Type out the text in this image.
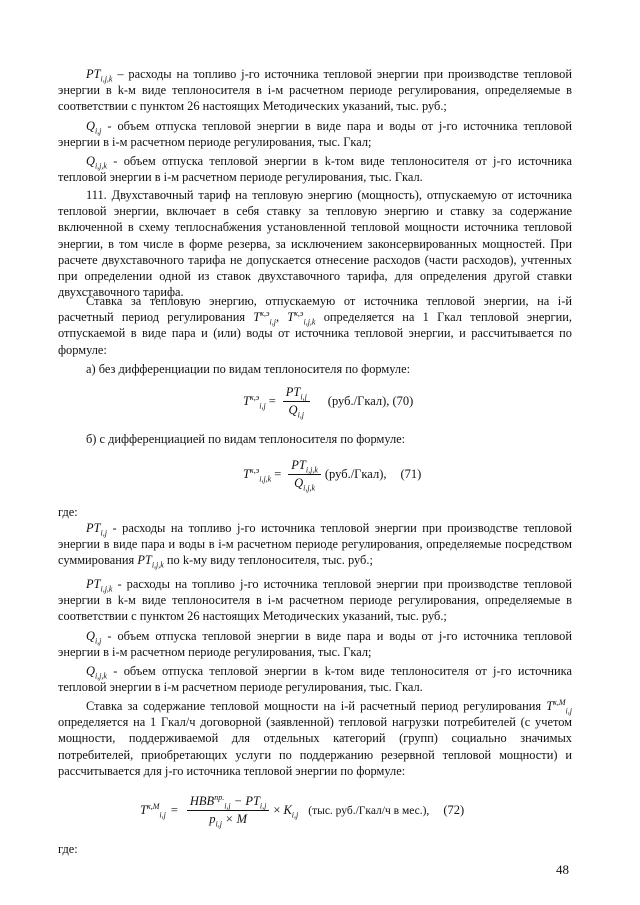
$PT_{i,j,k}$ – расходы на топливо j-го источника тепловой энергии при производстве тепловой энергии в k-м виде теплоносителя в i-м расчетном периоде регулирования, определяемые в соответствии с пунктом 26 настоящих Методических указаний, тыс. руб.;

$Q_{i,j}$ - объем отпуска тепловой энергии в виде пара и воды от j-го источника тепловой энергии в i-м расчетном периоде регулирования, тыс. Гкал;

$Q_{i,j,k}$ - объем отпуска тепловой энергии в k-том виде теплоносителя от j-го источника тепловой энергии в i-м расчетном периоде регулирования, тыс. Гкал.

111. Двухставочный тариф на тепловую энергию (мощность), отпускаемую от источника тепловой энергии, включает в себя ставку за тепловую энергию и ставку за содержание включенной в схему теплоснабжения установленной тепловой мощности источника тепловой энергии, в том числе в форме резерва, за исключением законсервированных мощностей. При расчете двухставочного тарифа не допускается отнесение расходов (части расходов), учтенных при определении одной из ставок двухставочного тарифа, для определения другой ставки двухставочного тарифа.

Ставка за тепловую энергию, отпускаемую от источника тепловой энергии, на i-й расчетный период регулирования $T^{к,э}_{i,j}$, $T^{к,э}_{i,j,k}$ определяется на 1 Гкал тепловой энергии, отпускаемой в виде пара и (или) воды от источника тепловой энергии, и рассчитывается по формуле:

а) без дифференциации по видам теплоносителя по формуле:

$T^{к,э}_{i,j} = \frac{PT_{i,j}}{Q_{i,j}}$ (руб./Гкал), (70)

б) с дифференциацией по видам теплоносителя по формуле:

$T^{к,э}_{i,j,k} = \frac{PT_{i,j,k}}{Q_{i,j,k}}$ (руб./Гкал), (71)

где:

$PT_{i,j}$ - расходы на топливо j-го источника тепловой энергии при производстве тепловой энергии в виде пара и воды в i-м расчетном периоде регулирования, определяемые посредством суммирования $PT_{i,j,k}$ по k-му виду теплоносителя, тыс. руб.;

$PT_{i,j,k}$ - расходы на топливо j-го источника тепловой энергии при производстве тепловой энергии в k-м виде теплоносителя в i-м расчетном периоде регулирования, определяемые в соответствии с пунктом 26 настоящих Методических указаний, тыс. руб.;

$Q_{i,j}$ - объем отпуска тепловой энергии в виде пара и воды от j-го источника тепловой энергии в i-м расчетном периоде регулирования, тыс. Гкал;

$Q_{i,j,k}$ - объем отпуска тепловой энергии в k-том виде теплоносителя от j-го источника тепловой энергии в i-м расчетном периоде регулирования, тыс. Гкал.

Ставка за содержание тепловой мощности на i-й расчетный период регулирования $T^{к,М}_{i,j}$ определяется на 1 Гкал/ч договорной (заявленной) тепловой нагрузки потребителей (с учетом мощности, поддерживаемой для отдельных категорий (групп) социально значимых потребителей, приобретающих услуги по поддержанию резервной тепловой мощности) и рассчитывается для j-го источника тепловой энергии по формуле:

$T^{к,М}_{i,j} = \frac{HBB^{пр.}_{i,j} - PT_{i,j}}{p_{i,j} \times M} \times K_{i,j}$ (тыс. руб./Гкал/ч в мес.), (72)

где:

48
